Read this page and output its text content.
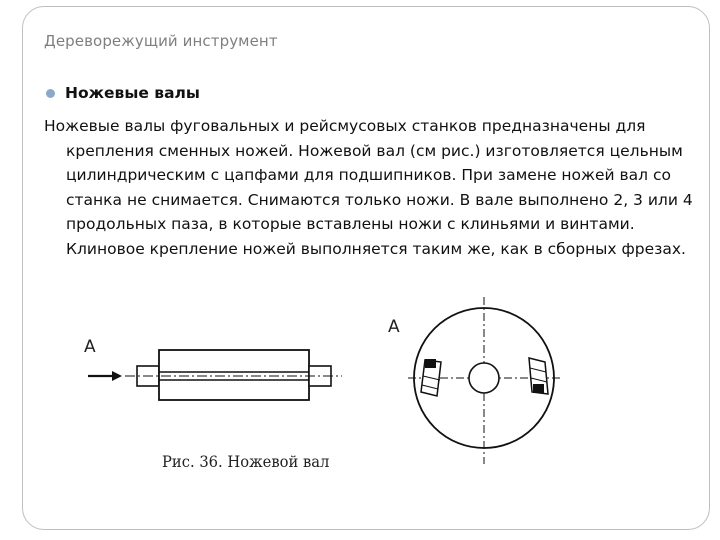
Дереворежущий инструмент
Ножевые валы

Ножевые валы фуговальных и рейсмусовых станков предназначены для крепления сменных ножей. Ножевой вал (см рис.) изготовляется цельным цилиндрическим с цапфами для подшипников. При замене ножей вал со станка не снимается. Снимаются только ножи. В вале выполнено 2, 3 или 4 продольных паза, в которые вставлены ножи с клиньями и винтами. Клиновое крепление ножей выполняется таким же, как в сборных фрезах.

A
A
Рис. 36. Ножевой вал
